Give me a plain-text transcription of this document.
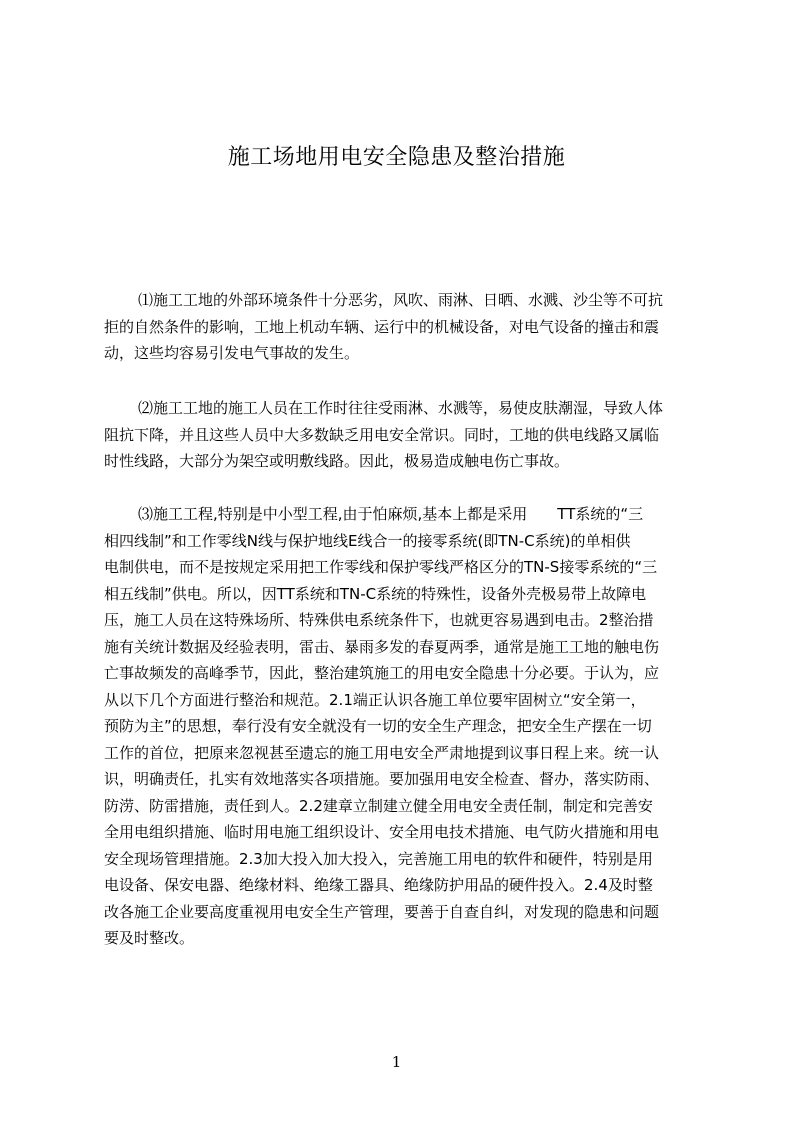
施工场地用电安全隐患及整治措施
⑴施工工地的外部环境条件十分恶劣，风吹、雨淋、日晒、水溅、沙尘等不可抗
拒的自然条件的影响，工地上机动车辆、运行中的机械设备，对电气设备的撞击和震
动，这些均容易引发电气事故的发生。
⑵施工工地的施工人员在工作时往往受雨淋、水溅等，易使皮肤潮湿，导致人体
阻抗下降，并且这些人员中大多数缺乏用电安全常识。同时，工地的供电线路又属临
时性线路，大部分为架空或明敷线路。因此，极易造成触电伤亡事故。
⑶施工工程,特别是中小型工程,由于怕麻烦,基本上都是采用　　TT系统的“三
相四线制”和工作零线N线与保护地线E线合一的接零系统(即TN-C系统)的单相供
电制供电，而不是按规定采用把工作零线和保护零线严格区分的TN-S接零系统的“三
相五线制”供电。所以，因TT系统和TN-C系统的特殊性，设备外壳极易带上故障电
压，施工人员在这特殊场所、特殊供电系统条件下，也就更容易遇到电击。2整治措
施有关统计数据及经验表明，雷击、暴雨多发的春夏两季，通常是施工工地的触电伤
亡事故频发的高峰季节，因此，整治建筑施工的用电安全隐患十分必要。于认为，应
从以下几个方面进行整治和规范。2.1端正认识各施工单位要牢固树立“安全第一，
预防为主”的思想，奉行没有安全就没有一切的安全生产理念，把安全生产摆在一切
工作的首位，把原来忽视甚至遗忘的施工用电安全严肃地提到议事日程上来。统一认
识，明确责任，扎实有效地落实各项措施。要加强用电安全检查、督办，落实防雨、
防涝、防雷措施，责任到人。2.2建章立制建立健全用电安全责任制，制定和完善安
全用电组织措施、临时用电施工组织设计、安全用电技术措施、电气防火措施和用电
安全现场管理措施。2.3加大投入加大投入，完善施工用电的软件和硬件，特别是用
电设备、保安电器、绝缘材料、绝缘工器具、绝缘防护用品的硬件投入。2.4及时整
改各施工企业要高度重视用电安全生产管理，要善于自查自纠，对发现的隐患和问题
要及时整改。
1
